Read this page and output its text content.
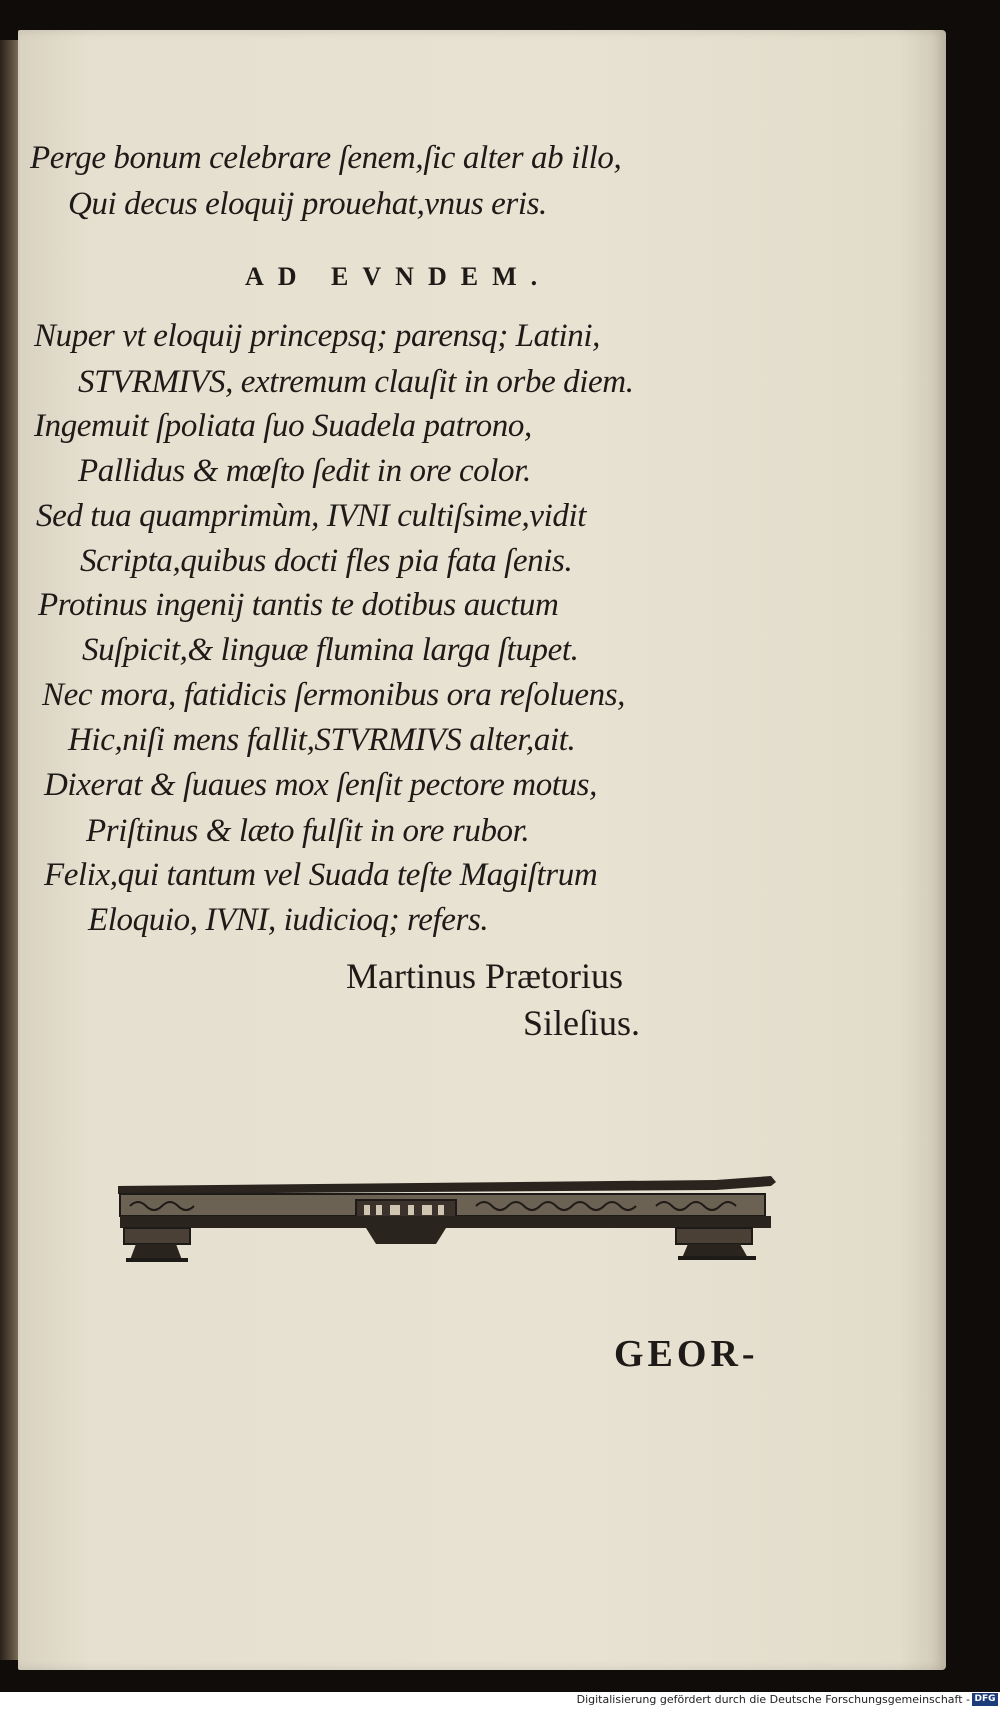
Perge bonum celebrare ſenem,ſic alter ab illo,
Qui decus eloquij prouehat,vnus eris.
AD EVNDEM.
Nuper vt eloquij princepsq; parensq; Latini,
STVRMIVS, extremum clauſit in orbe diem.
Ingemuit ſpoliata ſuo Suadela patrono,
Pallidus & mœſto ſedit in ore color.
Sed tua quamprimùm, IVNI cultiſsime,vidit
Scripta,quibus docti fles pia fata ſenis.
Protinus ingenij tantis te dotibus auctum
Suſpicit,& linguæ flumina larga ſtupet.
Nec mora, fatidicis ſermonibus ora reſoluens,
Hic,niſi mens fallit,STVRMIVS alter,ait.
Dixerat & ſuaues mox ſenſit pectore motus,
Priſtinus & læto fulſit in ore rubor.
Felix,qui tantum vel Suada teſte Magiſtrum
Eloquio, IVNI, iudicioq; refers.
Martinus Prætorius
Sileſius.
GEOR-
Digitalisierung gefördert durch die Deutsche Forschungsgemeinschaft - DFG
